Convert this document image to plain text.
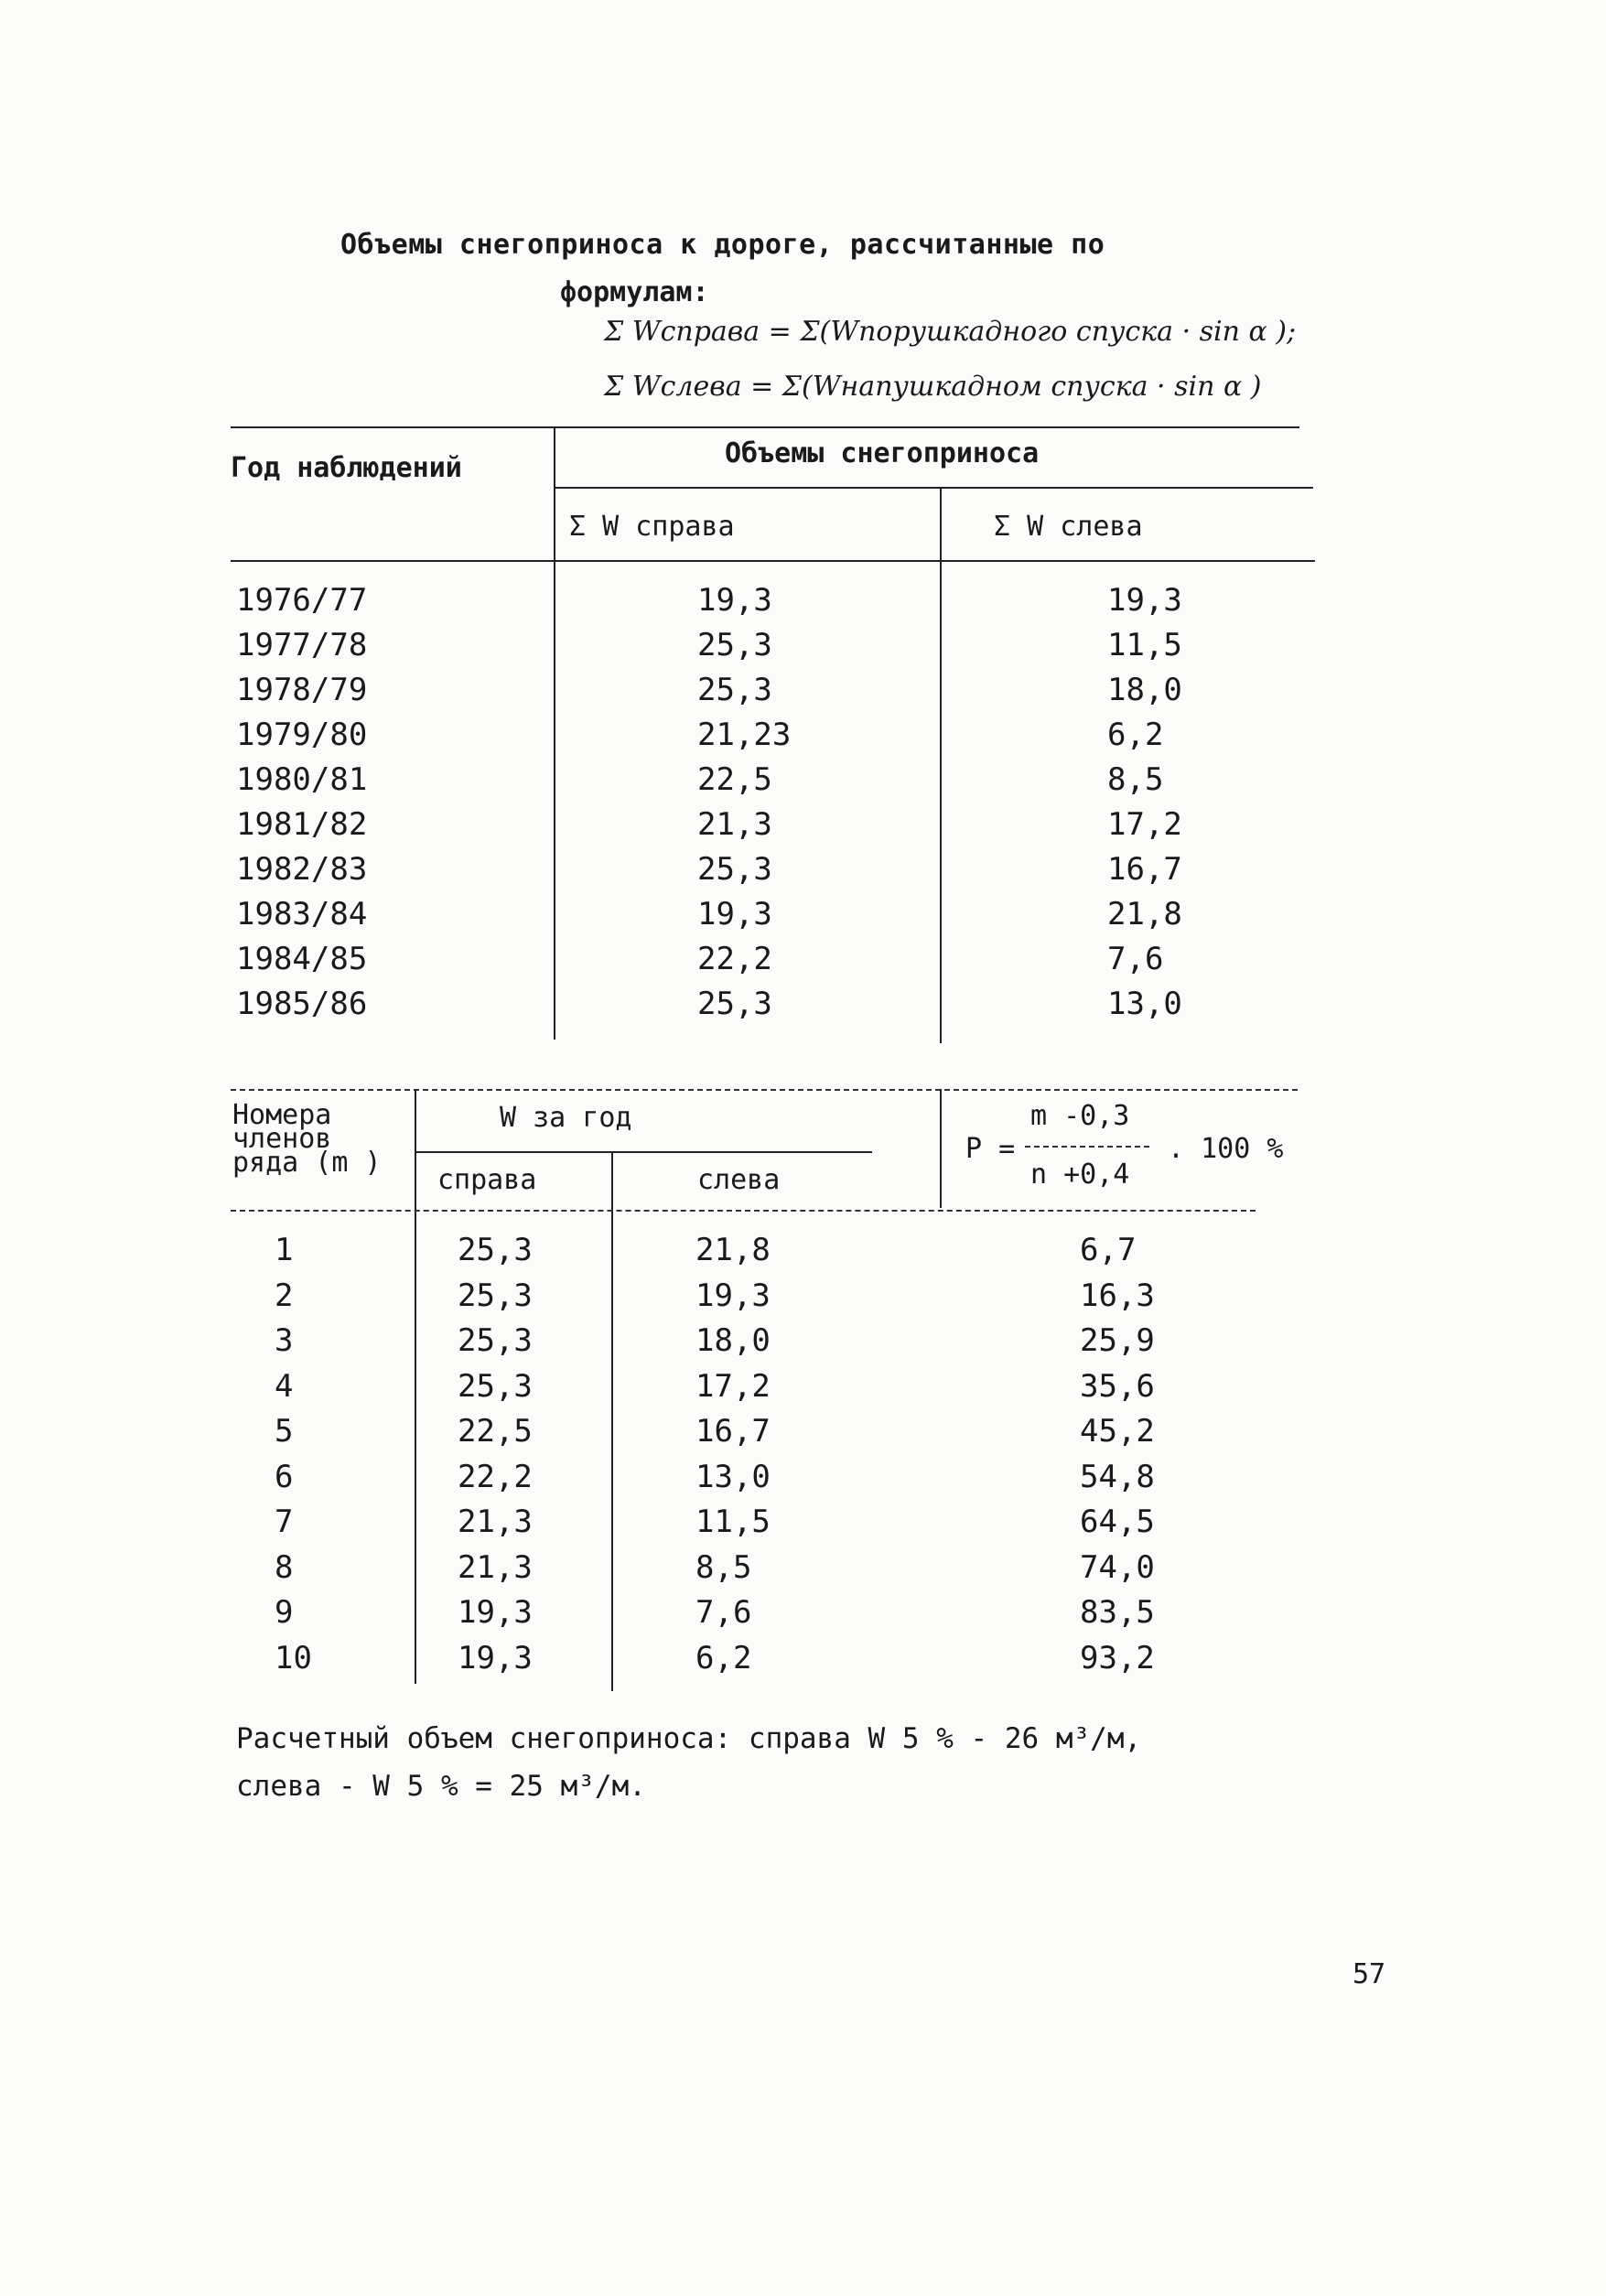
Объемы снегоприноса к дороге, рассчитанные по
формулам:
Σ Wсправа = Σ(Wпорушкадного спуска · sin α );
Σ Wслева = Σ(Wнапушкадном спуска · sin α )
Год наблюдений	Объемы снегоприноса
Σ W справа	Σ W слева
1976/77	19,3	19,3
1977/78	25,3	11,5
1978/79	25,3	18,0
1979/80	21,23	6,2
1980/81	22,5	8,5
1981/82	21,3	17,2
1982/83	25,3	16,7
1983/84	19,3	21,8
1984/85	22,2	7,6
1985/86	25,3	13,0
Номера
членов
ряда (m )
W за год
справа	слева
P =
m -0,3
n +0,4
. 100 %
1	25,3	21,8	6,7
2	25,3	19,3	16,3
3	25,3	18,0	25,9
4	25,3	17,2	35,6
5	22,5	16,7	45,2
6	22,2	13,0	54,8
7	21,3	11,5	64,5
8	21,3	8,5	74,0
9	19,3	7,6	83,5
10	19,3	6,2	93,2
Расчетный объем снегоприноса: справа W 5 % - 26 м³/м,
слева - W 5 % = 25 м³/м.
57
